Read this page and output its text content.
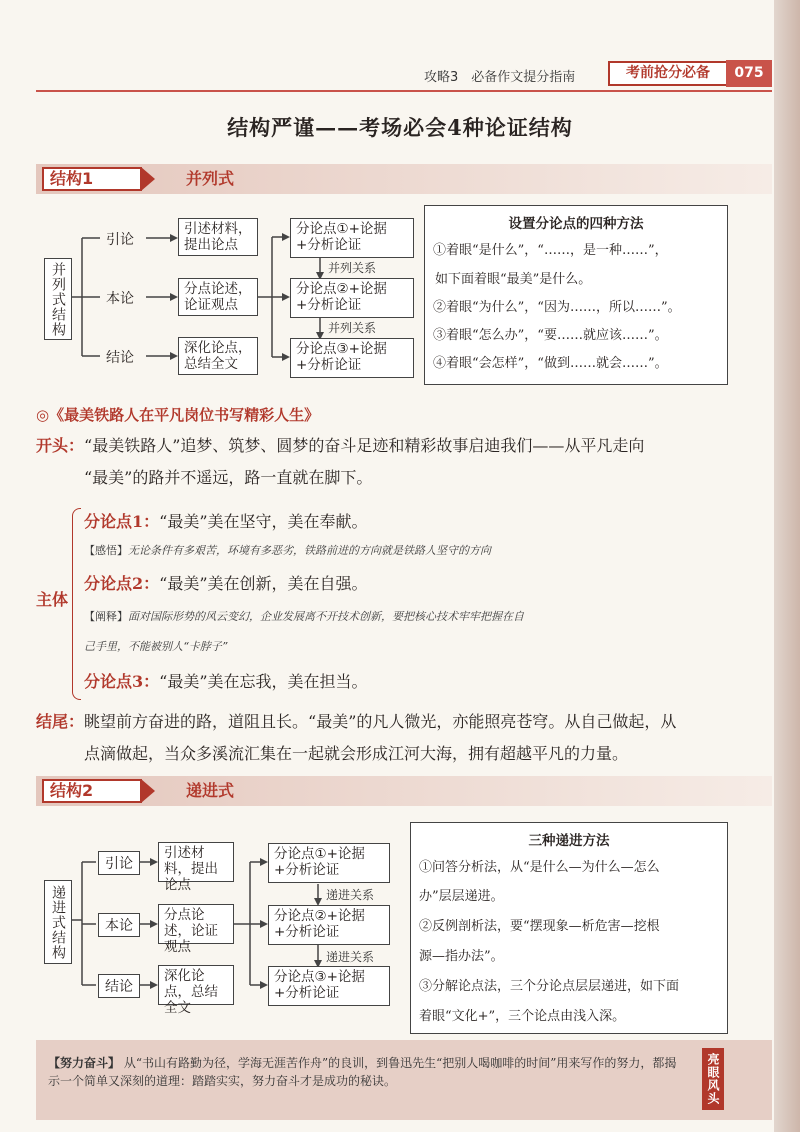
攻略3　必备作文提分指南	考前抢分必备	075
结构严谨——考场必会4种论证结构
结构1	并列式
并列式结构
引论
本论
结论
引述材料，提出论点
分点论述，论证观点
深化论点，总结全文
分论点①+论据+分析论证
分论点②+论据+分析论证
分论点③+论据+分析论证
并列关系
并列关系
设置分论点的四种方法
①着眼“是什么”，“……，是一种……”，
如下面着眼“最美”是什么。
②着眼“为什么”，“因为……，所以……”。
③着眼“怎么办”，“要……就应该……”。
④着眼“会怎样”，“做到……就会……”。
◎《最美铁路人在平凡岗位书写精彩人生》
开头：“最美铁路人”追梦、筑梦、圆梦的奋斗足迹和精彩故事启迪我们——从平凡走向
“最美”的路并不遥远，路一直就在脚下。
主体
分论点1：“最美”美在坚守，美在奉献。
【感悟】无论条件有多艰苦，环境有多恶劣，铁路前进的方向就是铁路人坚守的方向
分论点2：“最美”美在创新，美在自强。
【阐释】面对国际形势的风云变幻，企业发展离不开技术创新，要把核心技术牢牢把握在自
己手里，不能被别人“卡脖子”
分论点3：“最美”美在忘我，美在担当。
结尾：眺望前方奋进的路，道阻且长。“最美”的凡人微光，亦能照亮苍穹。从自己做起，从
点滴做起，当众多溪流汇集在一起就会形成江河大海，拥有超越平凡的力量。
结构2	递进式
递进式结构
引论
本论
结论
引述材料，提出论点
分点论述，论证观点
深化论点，总结全文
分论点①+论据+分析论证
分论点②+论据+分析论证
分论点③+论据+分析论证
递进关系
递进关系
三种递进方法
①问答分析法，从“是什么—为什么—怎么
办”层层递进。
②反例剖析法，要“摆现象—析危害—挖根
源—指办法”。
③分解论点法，三个分论点层层递进，如下面
着眼“文化+”，三个论点由浅入深。
【努力奋斗】 从“书山有路勤为径，学海无涯苦作舟”的良训，到鲁迅先生“把别人喝咖啡的时间”用来写作的努力，都揭示一个简单又深刻的道理：踏踏实实，努力奋斗才是成功的秘诀。	亮眼风头
